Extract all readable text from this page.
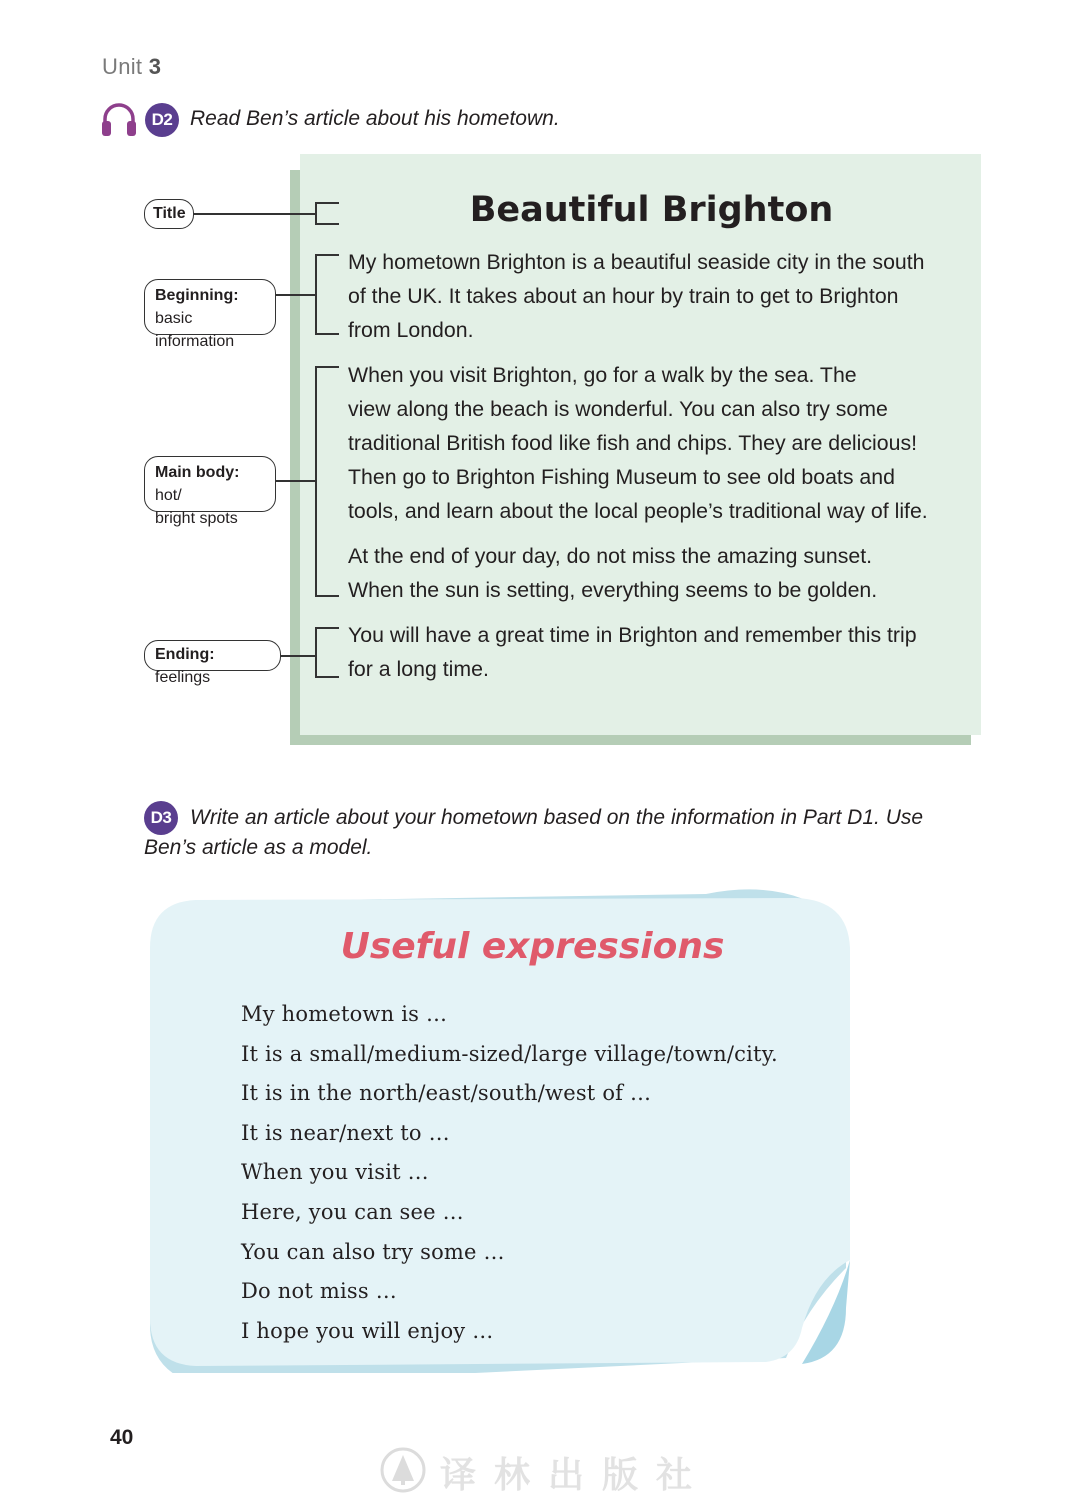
Unit 3
D2 Read Ben’s article about his hometown.
Beautiful Brighton
My hometown Brighton is a beautiful seaside city in the south
of the UK. It takes about an hour by train to get to Brighton
from London.
When you visit Brighton, go for a walk by the sea. The
view along the beach is wonderful. You can also try some
traditional British food like fish and chips. They are delicious!
Then go to Brighton Fishing Museum to see old boats and
tools, and learn about the local people’s traditional way of life.
At the end of your day, do not miss the amazing sunset.
When the sun is setting, everything seems to be golden.
You will have a great time in Brighton and remember this trip
for a long time.
Title
Beginning: basic
information
Main body: hot/
bright spots
Ending: feelings
D3 Write an article about your hometown based on the information in Part D1. Use
Ben’s article as a model.
Useful expressions
My hometown is …
It is a small/medium-sized/large village/town/city.
It is in the north/east/south/west of …
It is near/next to …
When you visit …
Here, you can see …
You can also try some …
Do not miss …
I hope you will enjoy …
40
译林出版社
